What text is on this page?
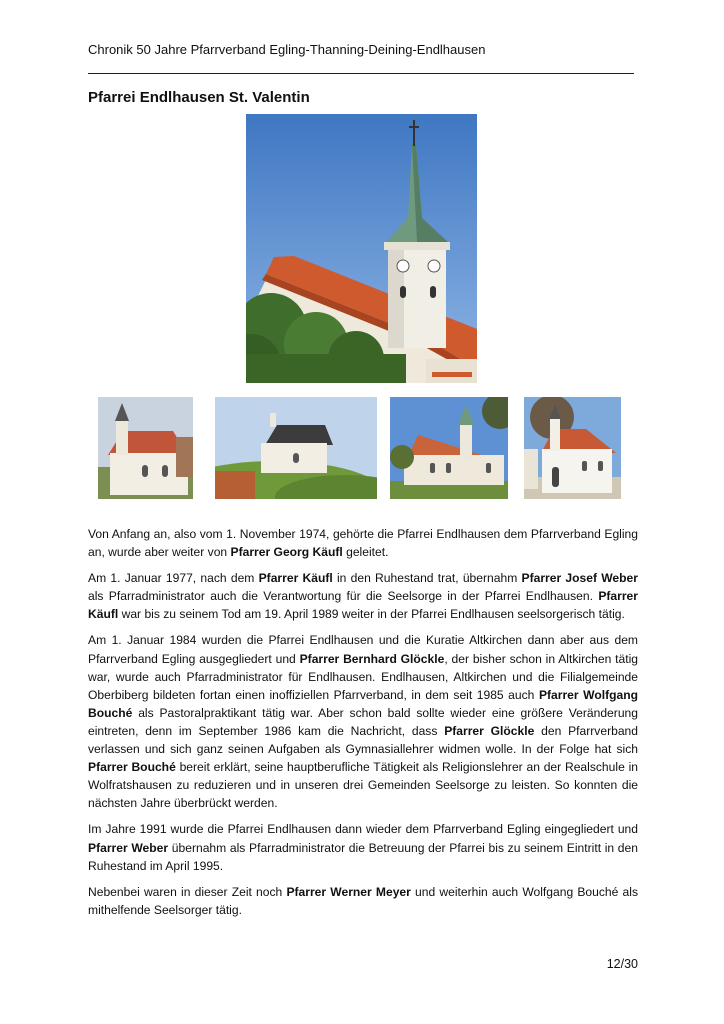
Chronik 50 Jahre Pfarrverband Egling-Thanning-Deining-Endlhausen
Pfarrei Endlhausen St. Valentin

Von Anfang an, also vom 1. November 1974, gehörte die Pfarrei Endlhausen dem Pfarrverband Egling an, wurde aber weiter von Pfarrer Georg Käufl geleitet.

Am 1. Januar 1977, nach dem Pfarrer Käufl in den Ruhestand trat, übernahm Pfarrer Josef Weber als Pfarradministrator auch die Verantwortung für die Seelsorge in der Pfarrei Endlhausen. Pfarrer Käufl war bis zu seinem Tod am 19. April 1989 weiter in der Pfarrei Endlhausen seelsorgerisch tätig.

Am 1. Januar 1984 wurden die Pfarrei Endlhausen und die Kuratie Altkirchen dann aber aus dem Pfarrverband Egling ausgegliedert und Pfarrer Bernhard Glöckle, der bisher schon in Altkirchen tätig war, wurde auch Pfarradministrator für Endlhausen. Endlhausen, Altkirchen und die Filialgemeinde Oberbiberg bildeten fortan einen inoffiziellen Pfarrverband, in dem seit 1985 auch Pfarrer Wolfgang Bouché als Pastoralpraktikant tätig war. Aber schon bald sollte wieder eine größere Veränderung eintreten, denn im September 1986 kam die Nachricht, dass Pfarrer Glöckle den Pfarrverband verlassen und sich ganz seinen Aufgaben als Gymnasiallehrer widmen wolle. In der Folge hat sich Pfarrer Bouché bereit erklärt, seine hauptberufliche Tätigkeit als Religionslehrer an der Realschule in Wolfratshausen zu reduzieren und in unseren drei Gemeinden Seelsorge zu leisten. So konnten die nächsten Jahre überbrückt werden.

Im Jahre 1991 wurde die Pfarrei Endlhausen dann wieder dem Pfarrverband Egling eingegliedert und Pfarrer Weber übernahm als Pfarradministrator die Betreuung der Pfarrei bis zu seinem Eintritt in den Ruhestand im April 1995.

Nebenbei waren in dieser Zeit noch Pfarrer Werner Meyer und weiterhin auch Wolfgang Bouché als mithelfende Seelsorger tätig.

12/30
